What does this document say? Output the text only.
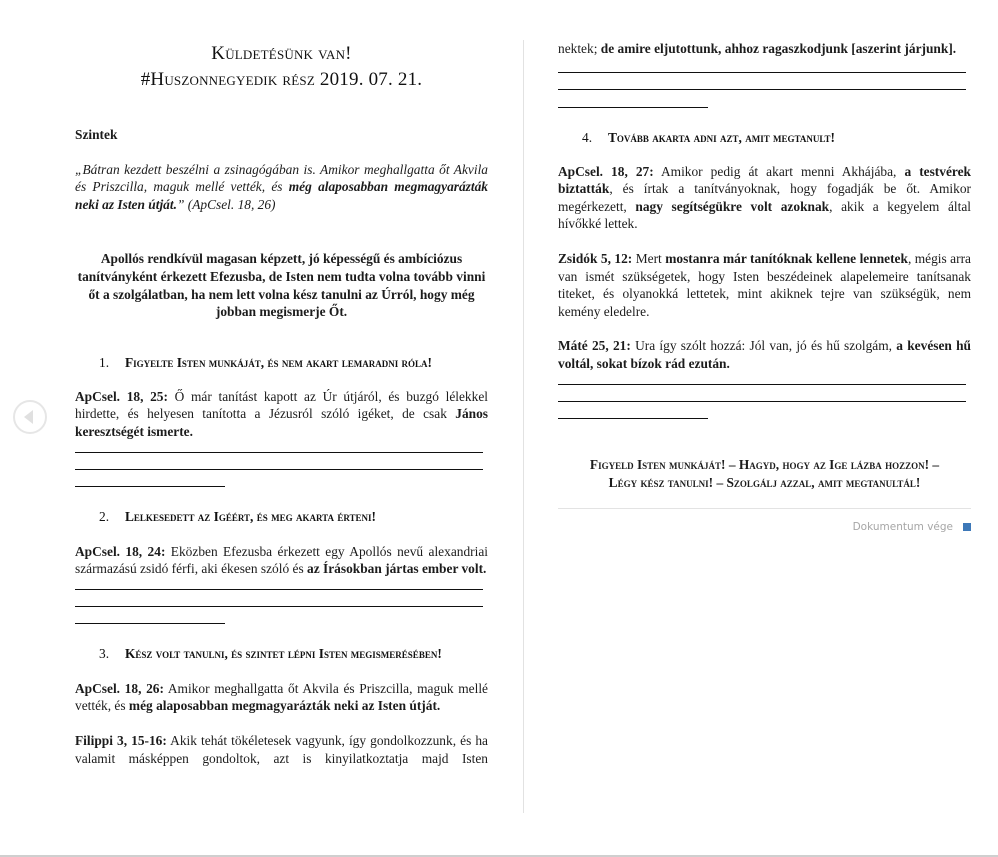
Küldetésünk van!

#Huszonnegyedik rész 2019. 07. 21.

Szintek

„Bátran kezdett beszélni a zsinagógában is. Amikor meghallgatta őt Akvila és Priszcilla, maguk mellé vették, és még alaposabban megmagyarázták neki az Isten útját.” (ApCsel. 18, 26)

Apollós rendkívül magasan képzett, jó képességű és ambíciózus tanítványként érkezett Efezusba, de Isten nem tudta volna tovább vinni őt a szolgálatban, ha nem lett volna kész tanulni az Úrról, hogy még jobban megismerje Őt.

1.	Figyelte Isten munkáját, és nem akart lemaradni róla!

ApCsel. 18, 25: Ő már tanítást kapott az Úr útjáról, és buzgó lélekkel hirdette, és helyesen tanította a Jézusról szóló igéket, de csak János keresztségét ismerte.

2.	Lelkesedett az Igéért, és meg akarta érteni!

ApCsel. 18, 24: Eközben Efezusba érkezett egy Apollós nevű alexandriai származású zsidó férfi, aki ékesen szóló és az Írásokban jártas ember volt.

3.	Kész volt tanulni, és szintet lépni Isten megismerésében!

ApCsel. 18, 26: Amikor meghallgatta őt Akvila és Priszcilla, maguk mellé vették, és még alaposabban megmagyarázták neki az Isten útját.

Filippi 3, 15-16: Akik tehát tökéletesek vagyunk, így gondolkozzunk, és ha valamit másképpen gondoltok, azt is kinyilatkoztatja majd Isten

nektek; de amire eljutottunk, ahhoz ragaszkodjunk [aszerint járjunk].

4.	Tovább akarta adni azt, amit megtanult!

ApCsel. 18, 27: Amikor pedig át akart menni Akhájába, a testvérek biztatták, és írtak a tanítványoknak, hogy fogadják be őt. Amikor megérkezett, nagy segítségükre volt azoknak, akik a kegyelem által hívőkké lettek.

Zsidók 5, 12: Mert mostanra már tanítóknak kellene lennetek, mégis arra van ismét szükségetek, hogy Isten beszédeinek alapelemeire tanítsanak titeket, és olyanokká lettetek, mint akiknek tejre van szükségük, nem kemény eledelre.

Máté 25, 21: Ura így szólt hozzá: Jól van, jó és hű szolgám, a kevésen hű voltál, sokat bízok rád ezután.

Figyeld Isten munkáját! – Hagyd, hogy az Ige lázba hozzon! –

Légy kész tanulni! – Szolgálj azzal, amit megtanultál!

Dokumentum vége
